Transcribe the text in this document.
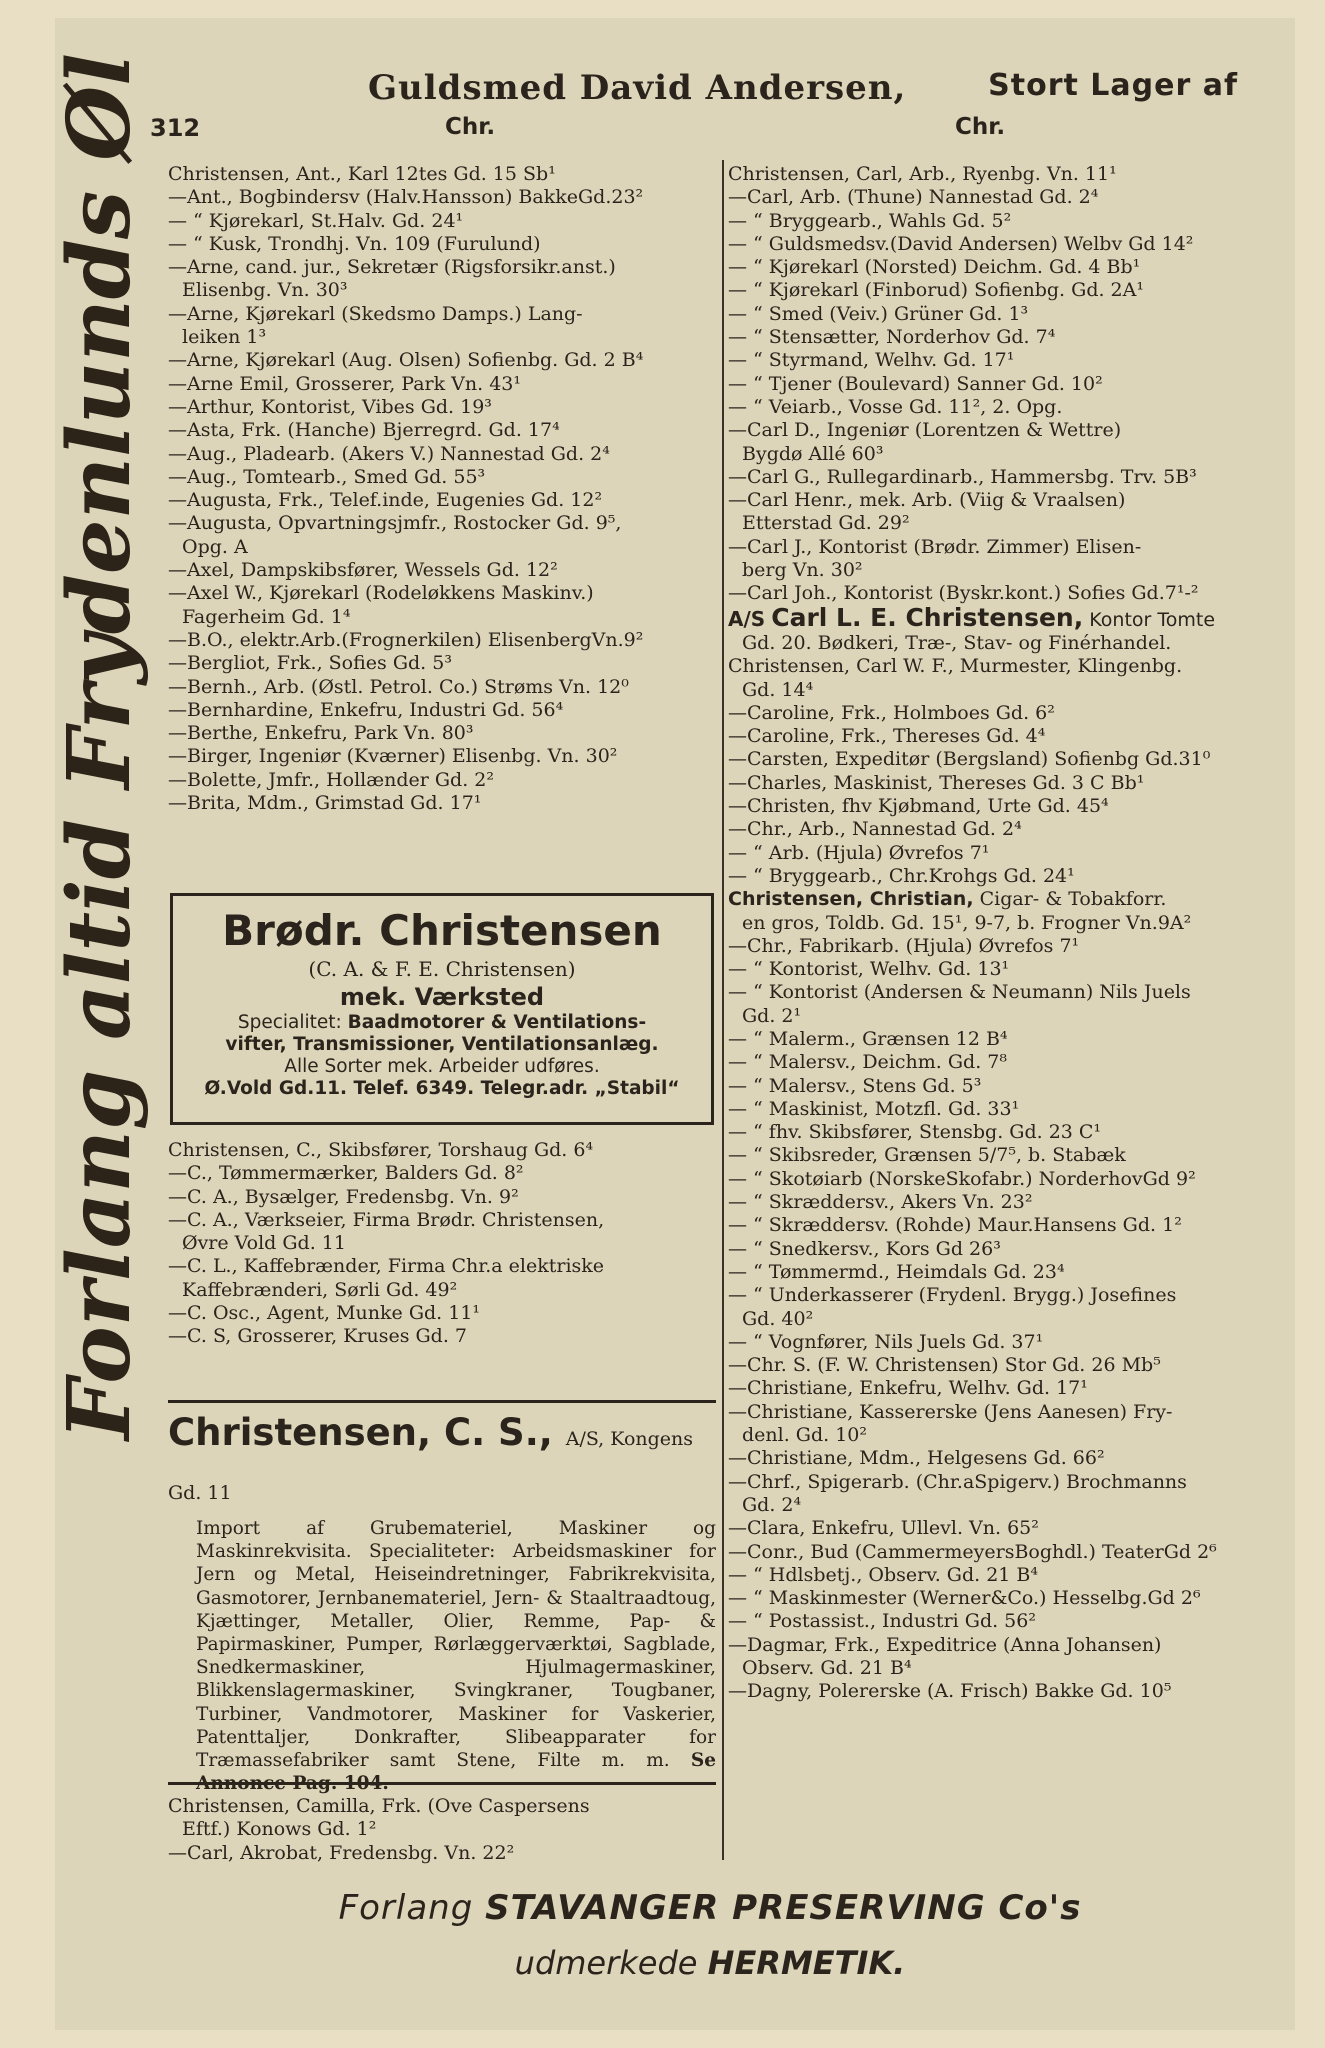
Guldsmed David Andersen,	Stort Lager af
312	Chr.	Chr.
Forlang altid Frydenlunds Øl Christensen, Ant., Karl 12tes Gd. 15 Sb¹
—Ant., Bogbindersv (Halv.Hansson) BakkeGd.23²
— “ Kjørekarl, St.Halv. Gd. 24¹
— “ Kusk, Trondhj. Vn. 109 (Furulund)
—Arne, cand. jur., Sekretær (Rigsforsikr.anst.)
Elisenbg. Vn. 30³
—Arne, Kjørekarl (Skedsmo Damps.) Lang-
leiken 1³
—Arne, Kjørekarl (Aug. Olsen) Sofienbg. Gd. 2 B⁴
—Arne Emil, Grosserer, Park Vn. 43¹
—Arthur, Kontorist, Vibes Gd. 19³
—Asta, Frk. (Hanche) Bjerregrd. Gd. 17⁴
—Aug., Pladearb. (Akers V.) Nannestad Gd. 2⁴
—Aug., Tomtearb., Smed Gd. 55³
—Augusta, Frk., Telef.inde, Eugenies Gd. 12²
—Augusta, Opvartningsjmfr., Rostocker Gd. 9⁵,
Opg. A
—Axel, Dampskibsfører, Wessels Gd. 12²
—Axel W., Kjørekarl (Rodeløkkens Maskinv.)
Fagerheim Gd. 1⁴
—B.O., elektr.Arb.(Frognerkilen) ElisenbergVn.9²
—Bergliot, Frk., Sofies Gd. 5³
—Bernh., Arb. (Østl. Petrol. Co.) Strøms Vn. 12⁰
—Bernhardine, Enkefru, Industri Gd. 56⁴
—Berthe, Enkefru, Park Vn. 80³
—Birger, Ingeniør (Kværner) Elisenbg. Vn. 30²
—Bolette, Jmfr., Hollænder Gd. 2²
—Brita, Mdm., Grimstad Gd. 17¹
Brødr. Christensen
(C. A. & F. E. Christensen)
mek. Værksted
Specialitet: Baadmotorer & Ventilations-
vifter, Transmissioner, Ventilationsanlæg.
Alle Sorter mek. Arbeider udføres.
Ø.Vold Gd.11. Telef. 6349. Telegr.adr. „Stabil“
Christensen, C., Skibsfører, Torshaug Gd. 6⁴
—C., Tømmermærker, Balders Gd. 8²
—C. A., Bysælger, Fredensbg. Vn. 9²
—C. A., Værkseier, Firma Brødr. Christensen,
Øvre Vold Gd. 11
—C. L., Kaffebrænder, Firma Chr.a elektriske
Kaffebrænderi, Sørli Gd. 49²
—C. Osc., Agent, Munke Gd. 11¹
—C. S, Grosserer, Kruses Gd. 7
Christensen, C. S., A/S, Kongens Gd. 11
Import af Grubemateriel, Maskiner og Maskinrekvisita. Specialiteter: Arbeidsmaskiner for Jern og Metal, Heiseindretninger, Fabrikrekvisita, Gasmotorer, Jernbanemateriel, Jern- & Staaltraadtoug, Kjættinger, Metaller, Olier, Remme, Pap- & Papirmaskiner, Pumper, Rørlæggerværktøi, Sagblade, Snedkermaskiner, Hjulmagermaskiner, Blikkenslagermaskiner, Svingkraner, Tougbaner, Turbiner, Vandmotorer, Maskiner for Vaskerier, Patenttaljer, Donkrafter, Slibeapparater for Træmassefabriker samt Stene, Filte m. m. Se Annonce Pag. 104.
Christensen, Camilla, Frk. (Ove Caspersens
Eftf.) Konows Gd. 1²
—Carl, Akrobat, Fredensbg. Vn. 22²
Christensen, Carl, Arb., Ryenbg. Vn. 11¹
—Carl, Arb. (Thune) Nannestad Gd. 2⁴
— “ Bryggearb., Wahls Gd. 5²
— “ Guldsmedsv.(David Andersen) Welbv Gd 14²
— “ Kjørekarl (Norsted) Deichm. Gd. 4 Bb¹
— “ Kjørekarl (Finborud) Sofienbg. Gd. 2A¹
— “ Smed (Veiv.) Grüner Gd. 1³
— “ Stensætter, Norderhov Gd. 7⁴
— “ Styrmand, Welhv. Gd. 17¹
— “ Tjener (Boulevard) Sanner Gd. 10²
— “ Veiarb., Vosse Gd. 11², 2. Opg.
—Carl D., Ingeniør (Lorentzen & Wettre)
Bygdø Allé 60³
—Carl G., Rullegardinarb., Hammersbg. Trv. 5B³
—Carl Henr., mek. Arb. (Viig & Vraalsen)
Etterstad Gd. 29²
—Carl J., Kontorist (Brødr. Zimmer) Elisen-
berg Vn. 30²
—Carl Joh., Kontorist (Byskr.kont.) Sofies Gd.7¹-²
A/S Carl L. E. Christensen, Kontor Tomte
Gd. 20. Bødkeri, Træ-, Stav- og Finérhandel.
Christensen, Carl W. F., Murmester, Klingenbg.
Gd. 14⁴
—Caroline, Frk., Holmboes Gd. 6²
—Caroline, Frk., Thereses Gd. 4⁴
—Carsten, Expeditør (Bergsland) Sofienbg Gd.31⁰
—Charles, Maskinist, Thereses Gd. 3 C Bb¹
—Christen, fhv Kjøbmand, Urte Gd. 45⁴
—Chr., Arb., Nannestad Gd. 2⁴
— “ Arb. (Hjula) Øvrefos 7¹
— “ Bryggearb., Chr.Krohgs Gd. 24¹
Christensen, Christian, Cigar- & Tobakforr.
en gros, Toldb. Gd. 15¹, 9-7, b. Frogner Vn.9A²
—Chr., Fabrikarb. (Hjula) Øvrefos 7¹
— “ Kontorist, Welhv. Gd. 13¹
— “ Kontorist (Andersen & Neumann) Nils Juels
Gd. 2¹
— “ Malerm., Grænsen 12 B⁴
— “ Malersv., Deichm. Gd. 7⁸
— “ Malersv., Stens Gd. 5³
— “ Maskinist, Motzfl. Gd. 33¹
— “ fhv. Skibsfører, Stensbg. Gd. 23 C¹
— “ Skibsreder, Grænsen 5/7⁵, b. Stabæk
— “ Skotøiarb (NorskeSkofabr.) NorderhovGd 9²
— “ Skræddersv., Akers Vn. 23²
— “ Skræddersv. (Rohde) Maur.Hansens Gd. 1²
— “ Snedkersv., Kors Gd 26³
— “ Tømmermd., Heimdals Gd. 23⁴
— “ Underkasserer (Frydenl. Brygg.) Josefines
Gd. 40²
— “ Vognfører, Nils Juels Gd. 37¹
—Chr. S. (F. W. Christensen) Stor Gd. 26 Mb⁵
—Christiane, Enkefru, Welhv. Gd. 17¹
—Christiane, Kassererske (Jens Aanesen) Fry-
denl. Gd. 10²
—Christiane, Mdm., Helgesens Gd. 66²
—Chrf., Spigerarb. (Chr.aSpigerv.) Brochmanns
Gd. 2⁴
—Clara, Enkefru, Ullevl. Vn. 65²
—Conr., Bud (CammermeyersBoghdl.) TeaterGd 2⁶
— “ Hdlsbetj., Observ. Gd. 21 B⁴
— “ Maskinmester (Werner&Co.) Hesselbg.Gd 2⁶
— “ Postassist., Industri Gd. 56²
—Dagmar, Frk., Expeditrice (Anna Johansen)
Observ. Gd. 21 B⁴
—Dagny, Polererske (A. Frisch) Bakke Gd. 10⁵
Forlang STAVANGER PRESERVING Co's
udmerkede HERMETIK.
